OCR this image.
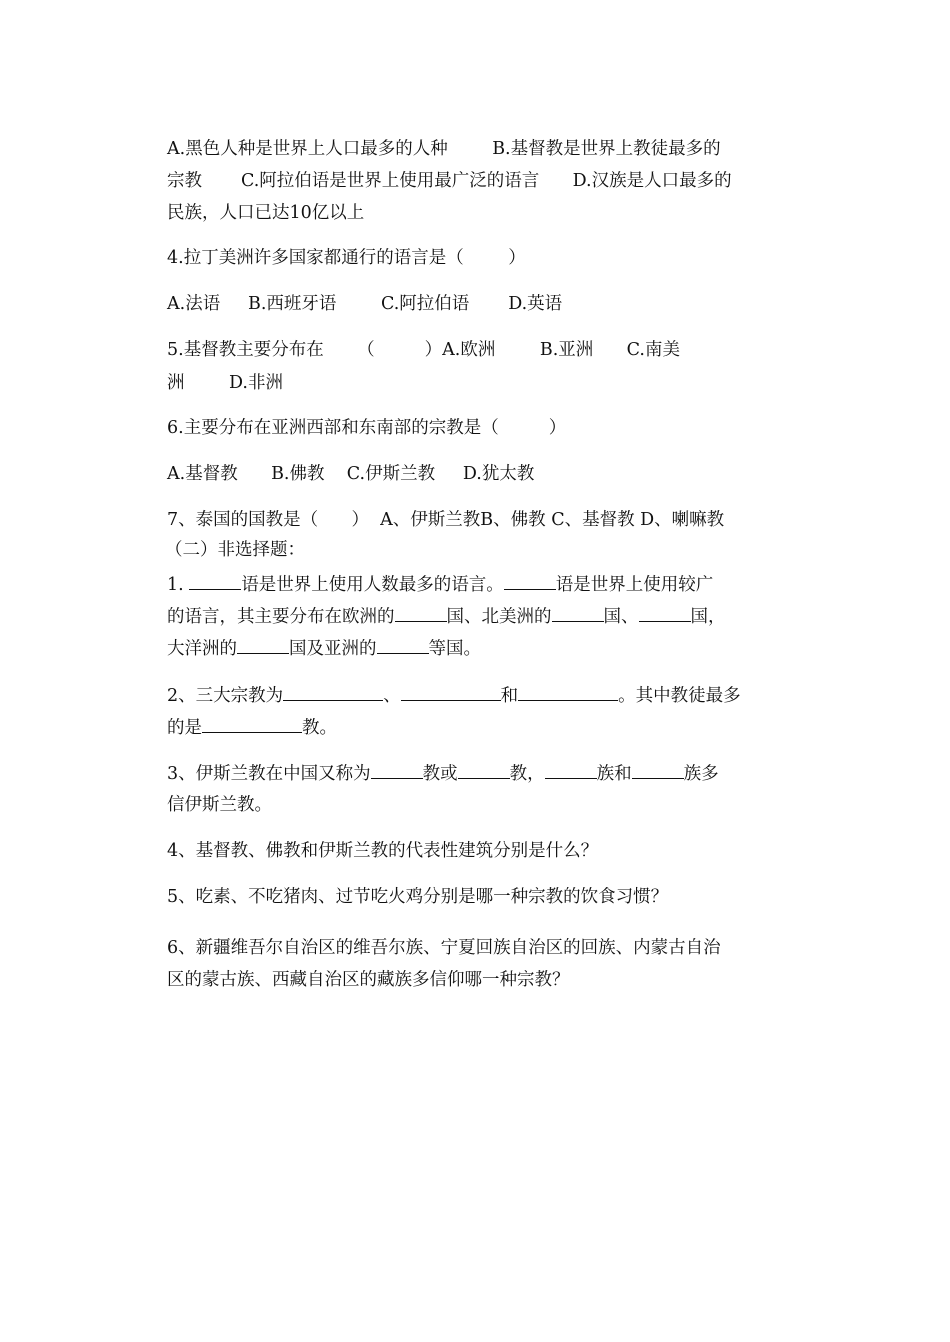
A.黑色人种是世界上人口最多的人种        B.基督教是世界上教徒最多的
宗教       C.阿拉伯语是世界上使用最广泛的语言      D.汉族是人口最多的
民族，人口已达10亿以上
4.拉丁美洲许多国家都通行的语言是（        ）
A.法语     B.西班牙语        C.阿拉伯语       D.英语
5.基督教主要分布在      （         ）A.欧洲        B.亚洲      C.南美
洲        D.非洲
6.主要分布在亚洲西部和东南部的宗教是（         ）
A.基督教      B.佛教    C.伊斯兰教     D.犹太教
7、泰国的国教是（      ）  A、伊斯兰教B、佛教 C、基督教 D、喇嘛教
（二）非选择题：
1.	语是世界上使用人数最多的语言。	语是世界上使用较广
的语言，其主要分布在欧洲的	国、北美洲的	国、	国，
大洋洲的	国及亚洲的	等国。
2、三大宗教为	、	和	。其中教徒最多
的是	教。
3、伊斯兰教在中国又称为	教或	教，	族和	族多
信伊斯兰教。
4、基督教、佛教和伊斯兰教的代表性建筑分别是什么？
5、吃素、不吃猪肉、过节吃火鸡分别是哪一种宗教的饮食习惯？
6、新疆维吾尔自治区的维吾尔族、宁夏回族自治区的回族、内蒙古自治
区的蒙古族、西藏自治区的藏族多信仰哪一种宗教？
